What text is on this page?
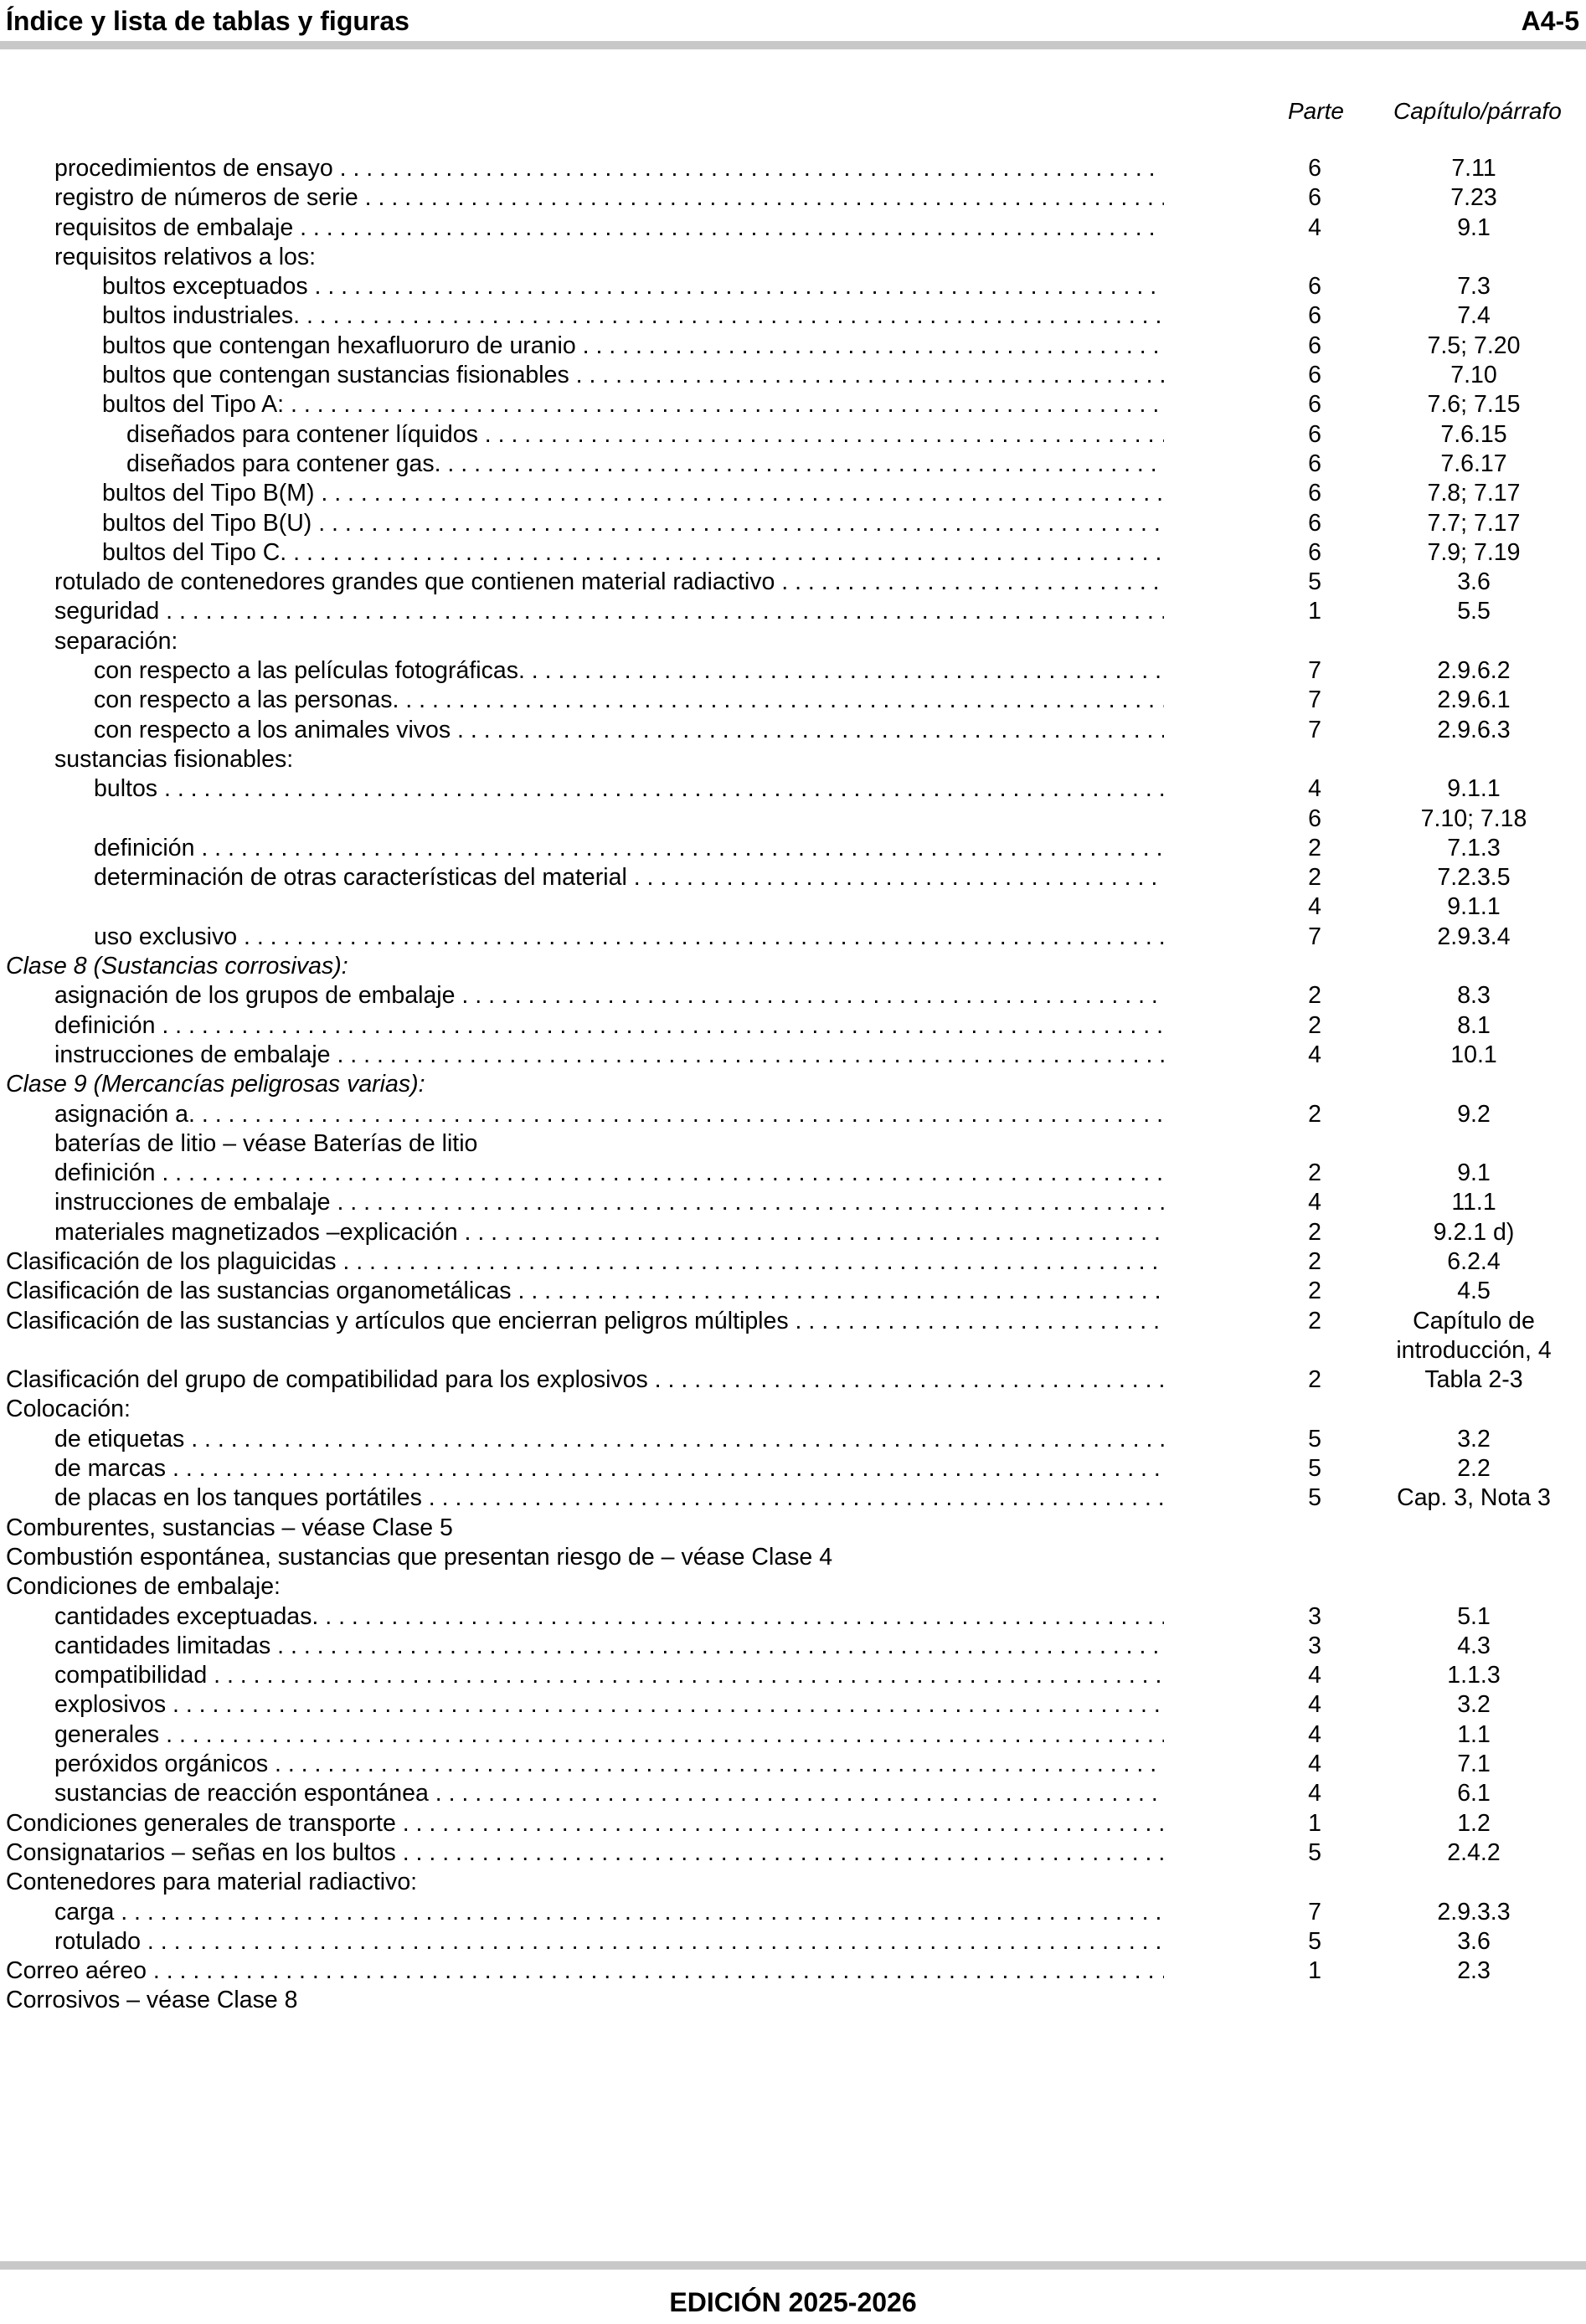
Índice y lista de tablas y figuras	A4-5
Parte Capítulo/párrafo
procedimientos de ensayo . . .	6	7.11
registro de números de serie . . .	6	7.23
requisitos de embalaje . . .	4	9.1
requisitos relativos a los:
bultos exceptuados . . .	6	7.3
bultos industriales. . . .	6	7.4
bultos que contengan hexafluoruro de uranio . . .	6	7.5; 7.20
bultos que contengan sustancias fisionables . . .	6	7.10
bultos del Tipo A: . . .	6	7.6; 7.15
diseñados para contener líquidos . . .	6	7.6.15
diseñados para contener gas. . . .	6	7.6.17
bultos del Tipo B(M) . . .	6	7.8; 7.17
bultos del Tipo B(U) . . .	6	7.7; 7.17
bultos del Tipo C. . . .	6	7.9; 7.19
rotulado de contenedores grandes que contienen material radiactivo . . .	5	3.6
seguridad . . .	1	5.5
separación:
con respecto a las películas fotográficas. . . .	7	2.9.6.2
con respecto a las personas. . . .	7	2.9.6.1
con respecto a los animales vivos . . .	7	2.9.6.3
sustancias fisionables:
bultos . . .	4	9.1.1
6	7.10; 7.18
definición . . .	2	7.1.3
determinación de otras características del material . . .	2	7.2.3.5
4	9.1.1
uso exclusivo . . .	7	2.9.3.4
Clase 8 (Sustancias corrosivas):
asignación de los grupos de embalaje . . .	2	8.3
definición . . .	2	8.1
instrucciones de embalaje . . .	4	10.1
Clase 9 (Mercancías peligrosas varias):
asignación a. . . .	2	9.2
baterías de litio – véase Baterías de litio
definición . . .	2	9.1
instrucciones de embalaje . . .	4	11.1
materiales magnetizados –explicación . . .	2	9.2.1 d)
Clasificación de los plaguicidas . . .	2	6.2.4
Clasificación de las sustancias organometálicas . . .	2	4.5
Clasificación de las sustancias y artículos que encierran peligros múltiples . . .	2	Capítulo de
introducción, 4
Clasificación del grupo de compatibilidad para los explosivos . . .	2	Tabla 2-3
Colocación:
de etiquetas . . .	5	3.2
de marcas . . .	5	2.2
de placas en los tanques portátiles . . .	5	Cap. 3, Nota 3
Comburentes, sustancias – véase Clase 5
Combustión espontánea, sustancias que presentan riesgo de – véase Clase 4
Condiciones de embalaje:
cantidades exceptuadas. . . .	3	5.1
cantidades limitadas . . .	3	4.3
compatibilidad . . .	4	1.1.3
explosivos . . .	4	3.2
generales . . .	4	1.1
peróxidos orgánicos . . .	4	7.1
sustancias de reacción espontánea . . .	4	6.1
Condiciones generales de transporte . . .	1	1.2
Consignatarios – señas en los bultos . . .	5	2.4.2
Contenedores para material radiactivo:
carga . . .	7	2.9.3.3
rotulado . . .	5	3.6
Correo aéreo . . .	1	2.3
Corrosivos – véase Clase 8
EDICIÓN 2025-2026
